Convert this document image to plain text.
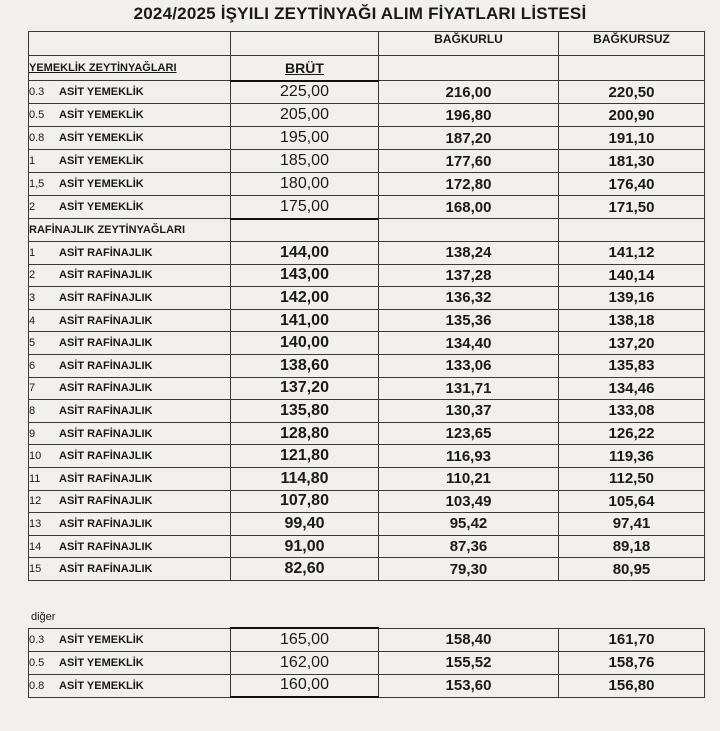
2024/2025 İŞYILI ZEYTİNYAĞI ALIM FİYATLARI LİSTESİ
		BAĞKURLU	BAĞKURSUZ
YEMEKLİK ZEYTİNYAĞLARI	BRÜT		
0.3 ASİT YEMEKLİK	225,00	216,00	220,50
0.5 ASİT YEMEKLİK	205,00	196,80	200,90
0.8 ASİT YEMEKLİK	195,00	187,20	191,10
1 ASİT YEMEKLİK	185,00	177,60	181,30
1,5 ASİT YEMEKLİK	180,00	172,80	176,40
2 ASİT YEMEKLİK	175,00	168,00	171,50
RAFİNAJLIK ZEYTİNYAĞLARI			
1 ASİT RAFİNAJLIK	144,00	138,24	141,12
2 ASİT RAFİNAJLIK	143,00	137,28	140,14
3 ASİT RAFİNAJLIK	142,00	136,32	139,16
4 ASİT RAFİNAJLIK	141,00	135,36	138,18
5 ASİT RAFİNAJLIK	140,00	134,40	137,20
6 ASİT RAFİNAJLIK	138,60	133,06	135,83
7 ASİT RAFİNAJLIK	137,20	131,71	134,46
8 ASİT RAFİNAJLIK	135,80	130,37	133,08
9 ASİT RAFİNAJLIK	128,80	123,65	126,22
10 ASİT RAFİNAJLIK	121,80	116,93	119,36
11 ASİT RAFİNAJLIK	114,80	110,21	112,50
12 ASİT RAFİNAJLIK	107,80	103,49	105,64
13 ASİT RAFİNAJLIK	99,40	95,42	97,41
14 ASİT RAFİNAJLIK	91,00	87,36	89,18
15 ASİT RAFİNAJLIK	82,60	79,30	80,95
diğer
0.3 ASİT YEMEKLİK	165,00	158,40	161,70
0.5 ASİT YEMEKLİK	162,00	155,52	158,76
0.8 ASİT YEMEKLİK	160,00	153,60	156,80
